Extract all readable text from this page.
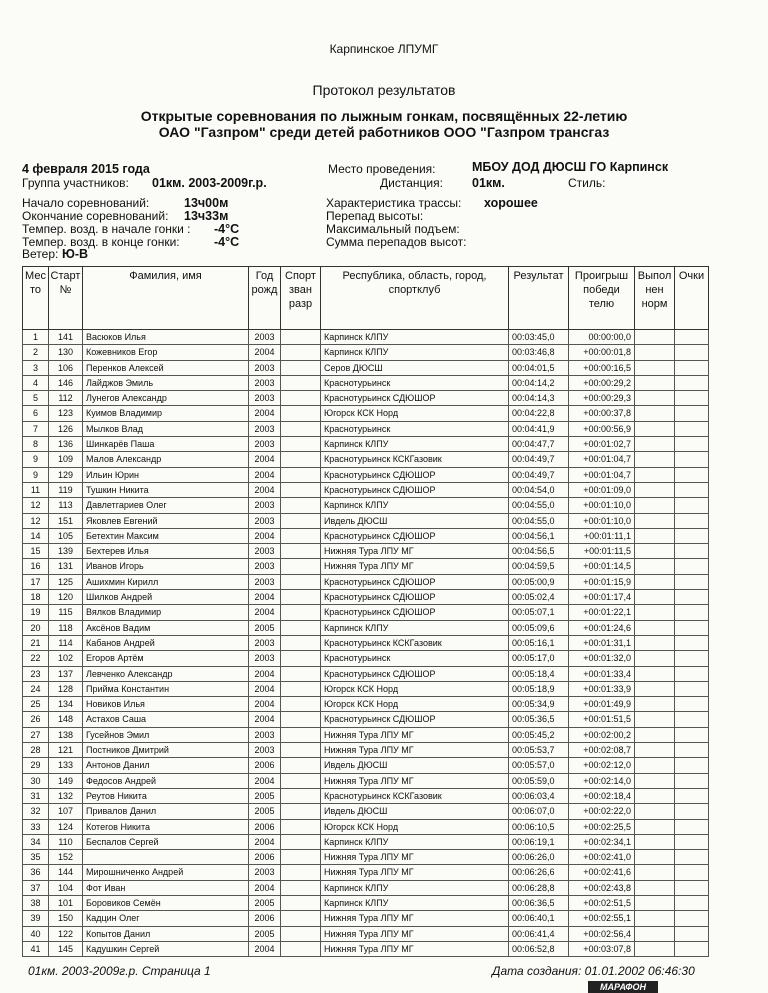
Карпинское ЛПУМГ
Протокол результатов
Открытые соревнования по лыжным гонкам, посвящённых 22-летию
ОАО "Газпром" среди детей работников ООО "Газпром трансгаз
4 февраля 2015 года
Группа участников: 01км. 2003-2009г.р.
Начало соревнований:	13ч00м
Окончание соревнований: 13ч33м
Темпер. возд. в начале гонки : -4°C
Темпер. возд. в конце гонки:	-4°C
Ветер: Ю-В
Место проведения:	МБОУ ДОД ДЮСШ ГО Карпинск
Дистанция: 01км.	Стиль:
Характеристика трассы: хорошее
Перепад высоты:
Максимальный подъем:
Сумма перепадов высот:
Мес то	Старт №	Фамилия, имя	Год рожд	Спорт зван разр	Республика, область, город, спортклуб	Результат	Проигрыш победи телю	Выпол нен норм	Очки
1	141	Васюков Илья	2003		Карпинск КЛПУ	00:03:45,0	00:00:00,0		
2	130	Кожевников Егор	2004		Карпинск КЛПУ	00:03:46,8	+00:00:01,8		
3	106	Перенков Алексей	2003		Серов ДЮСШ	00:04:01,5	+00:00:16,5		
4	146	Лайджов Эмиль	2003		Краснотурьинск	00:04:14,2	+00:00:29,2		
5	112	Лунегов Александр	2003		Краснотурьинск СДЮШОР	00:04:14,3	+00:00:29,3		
6	123	Куимов Владимир	2004		Югорск КСК Норд	00:04:22,8	+00:00:37,8		
7	126	Мылков Влад	2003		Краснотурьинск	00:04:41,9	+00:00:56,9		
8	136	Шинкарёв Паша	2003		Карпинск КЛПУ	00:04:47,7	+00:01:02,7		
9	109	Малов Александр	2004		Краснотурьинск КСКГазовик	00:04:49,7	+00:01:04,7		
9	129	Ильин Юрин	2004		Краснотурьинск СДЮШОР	00:04:49,7	+00:01:04,7		
11	119	Тушкин Никита	2004		Краснотурьинск СДЮШОР	00:04:54,0	+00:01:09,0		
12	113	Давлетгариев Олег	2003		Карпинск КЛПУ	00:04:55,0	+00:01:10,0		
12	151	Яковлев Евгений	2003		Ивдель ДЮСШ	00:04:55,0	+00:01:10,0		
14	105	Бетехтин Максим	2004		Краснотурьинск СДЮШОР	00:04:56,1	+00:01:11,1		
15	139	Бехтерев Илья	2003		Нижняя Тура ЛПУ МГ	00:04:56,5	+00:01:11,5		
16	131	Иванов Игорь	2003		Нижняя Тура ЛПУ МГ	00:04:59,5	+00:01:14,5		
17	125	Ашихмин Кирилл	2003		Краснотурьинск СДЮШОР	00:05:00,9	+00:01:15,9		
18	120	Шилков Андрей	2004		Краснотурьинск СДЮШОР	00:05:02,4	+00:01:17,4		
19	115	Вялков Владимир	2004		Краснотурьинск СДЮШОР	00:05:07,1	+00:01:22,1		
20	118	Аксёнов Вадим	2005		Карпинск КЛПУ	00:05:09,6	+00:01:24,6		
21	114	Кабанов Андрей	2003		Краснотурьинск КСКГазовик	00:05:16,1	+00:01:31,1		
22	102	Егоров Артём	2003		Краснотурьинск	00:05:17,0	+00:01:32,0		
23	137	Левченко Александр	2004		Краснотурьинск СДЮШОР	00:05:18,4	+00:01:33,4		
24	128	Прийма Константин	2004		Югорск КСК Норд	00:05:18,9	+00:01:33,9		
25	134	Новиков Илья	2004		Югорск КСК Норд	00:05:34,9	+00:01:49,9		
26	148	Астахов Саша	2004		Краснотурьинск СДЮШОР	00:05:36,5	+00:01:51,5		
27	138	Гусейнов Эмил	2003		Нижняя Тура ЛПУ МГ	00:05:45,2	+00:02:00,2		
28	121	Постников Дмитрий	2003		Нижняя Тура ЛПУ МГ	00:05:53,7	+00:02:08,7		
29	133	Антонов Данил	2006		Ивдель ДЮСШ	00:05:57,0	+00:02:12,0		
30	149	Федосов Андрей	2004		Нижняя Тура ЛПУ МГ	00:05:59,0	+00:02:14,0		
31	132	Реутов Никита	2005		Краснотурьинск КСКГазовик	00:06:03,4	+00:02:18,4		
32	107	Привалов Данил	2005		Ивдель ДЮСШ	00:06:07,0	+00:02:22,0		
33	124	Котегов Никита	2006		Югорск КСК Норд	00:06:10,5	+00:02:25,5		
34	110	Беспалов Сергей	2004		Карпинск КЛПУ	00:06:19,1	+00:02:34,1		
35	152		2006		Нижняя Тура ЛПУ МГ	00:06:26,0	+00:02:41,0		
36	144	Мирошниченко Андрей	2003		Нижняя Тура ЛПУ МГ	00:06:26,6	+00:02:41,6		
37	104	Фот Иван	2004		Карпинск КЛПУ	00:06:28,8	+00:02:43,8		
38	101	Боровиков Семён	2005		Карпинск КЛПУ	00:06:36,5	+00:02:51,5		
39	150	Кадцин Олег	2006		Нижняя Тура ЛПУ МГ	00:06:40,1	+00:02:55,1		
40	122	Копытов Данил	2005		Нижняя Тура ЛПУ МГ	00:06:41,4	+00:02:56,4		
41	145	Кадушкин Сергей	2004		Нижняя Тура ЛПУ МГ	00:06:52,8	+00:03:07,8		
01км. 2003-2009г.р. Страница 1	Дата создания: 01.01.2002 06:46:30
МАРАФОН
